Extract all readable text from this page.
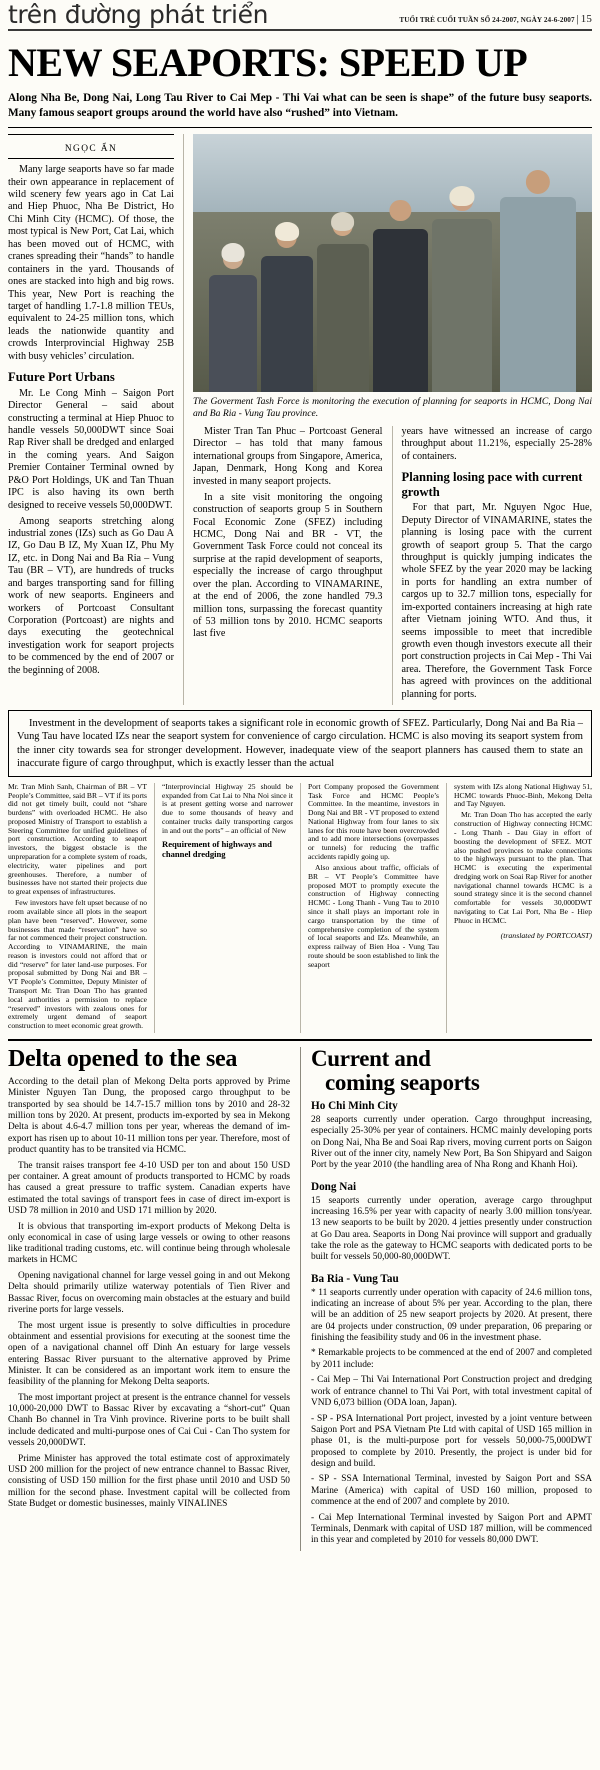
trên đường phát triển	TUỔI TRẺ CUỐI TUẦN SỐ 24-2007, NGÀY 24-6-2007 | 15
NEW SEAPORTS: SPEED UP
Along Nha Be, Dong Nai, Long Tau River to Cai Mep - Thi Vai what can be seen is shape” of the future busy seaports. Many famous seaport groups around the world have also “rushed” into Vietnam.
NGỌC ẨN

Many large seaports have so far made their own appearance in replacement of wild scenery few years ago in Cat Lai and Hiep Phuoc, Nha Be District, Ho Chi Minh City (HCMC). Of those, the most typical is New Port, Cat Lai, which has been moved out of HCMC, with cranes spreading their “hands” to handle containers in the yard. Thousands of ones are stacked into high and big rows. This year, New Port is reaching the target of handling 1.7-1.8 million TEUs, equivalent to 24-25 million tons, which leads the nationwide quantity and crowds Interprovincial Highway 25B with busy vehicles’ circulation.

Future Port Urbans

Mr. Le Cong Minh – Saigon Port Director General – said about constructing a terminal at Hiep Phuoc to handle vessels 50,000DWT since Soai Rap River shall be dredged and enlarged in the coming years. And Saigon Premier Container Terminal owned by P&O Port Holdings, UK and Tan Thuan IPC is also having its own berth designed to receive vessels 50,000DWT.

Among seaports stretching along industrial zones (IZs) such as Go Dau A IZ, Go Dau B IZ, My Xuan IZ, Phu My IZ, etc. in Dong Nai and Ba Ria – Vung Tau (BR – VT), are hundreds of trucks and barges transporting sand for filling work of new seaports. Engineers and workers of Portcoast Consultant Corporation (Portcoast) are nights and days executing the geotechnical investigation work for seaport projects to be commenced by the end of 2007 or the beginning of 2008.

The Goverment Tash Force is monitoring the execution of planning for seaports in HCMC, Dong Nai and Ba Ria - Vung Tau province.

Mister Tran Tan Phuc – Portcoast General Director – has told that many famous international groups from Singapore, America, Japan, Denmark, Hong Kong and Korea invested in many seaport projects.

In a site visit monitoring the ongoing construction of seaports group 5 in Southern Focal Economic Zone (SFEZ) including HCMC, Dong Nai and BR - VT, the Government Task Force could not conceal its surprise at the rapid development of seaports, especially the increase of cargo throughput over the plan. According to VINAMARINE, at the end of 2006, the zone handled 79.3 million tons, surpassing the forecast quantity of 53 million tons by 2010. HCMC seaports last five

years have witnessed an increase of cargo throughput about 11.21%, especially 25-28% of containers.

Planning losing pace with current growth

For that part, Mr. Nguyen Ngoc Hue, Deputy Director of VINAMARINE, states the planning is losing pace with the current growth of seaport group 5. That the cargo throughput is quickly jumping indicates the whole SFEZ by the year 2020 may be lacking in ports for handling an extra number of cargos up to 32.7 million tons, especially for im-exported containers increasing at high rate after Vietnam joining WTO. And thus, it seems impossible to meet that incredible growth even though investors execute all their port construction projects in Cai Mep - Thi Vai area. Therefore, the Government Task Force has agreed with provinces on the additional planning for ports.

Investment in the development of seaports takes a significant role in economic growth of SFEZ. Particularly, Dong Nai and Ba Ria – Vung Tau have located IZs near the seaport system for convenience of cargo circulation. HCMC is also moving its seaport system from the inner city towards sea for stronger development. However, inadequate view of the seaport planners has caused them to state an inaccurate figure of cargo throughput, which is exactly lesser than the actual

Mr. Tran Minh Sanh, Chairman of BR – VT People’s Committee, said BR – VT if its ports did not get timely built, could not “share burdens” with overloaded HCMC. He also proposed Ministry of Transport to establish a Steering Committee for unified guidelines of port construction. According to seaport investors, the biggest obstacle is the unpreparation for a complete system of roads, electricity, water pipelines and port greenhouses. Therefore, a number of businesses have not started their projects due to great expenses of infrastructures.

Few investors have felt upset because of no room available since all plots in the seaport plan have been “reserved”. However, some businesses that made “reservation” have so far not commenced their project construction. According to VINAMARINE, the main reason is investors could not afford that or did “reserve” for later land-use purposes. For proposal submitted by Dong Nai and BR – VT People’s Committee, Deputy Minister of Transport Mr. Tran Doan Tho has granted local authorities a permission to replace “reserved” investors with zealous ones for extremely urgent demand of seaport construction to meet economic great growth.

“Interprovincial Highway 25 should be expanded from Cat Lai to Nha Noi since it is at present getting worse and narrower due to some thousands of heavy and container trucks daily transporting cargos in and out the ports” – an official of New

Requirement of highways and channel dredging

Port Company proposed the Government Task Force and HCMC People’s Committee. In the meantime, investors in Dong Nai and BR - VT proposed to extend National Highway from four lanes to six lanes for this route have been overcrowded and to add more intersections (overpasses or tunnels) for reducing the traffic accidents rapidly going up.

Also anxious about traffic, officials of BR – VT People’s Committee have proposed MOT to promptly execute the construction of Highway connecting HCMC - Long Thanh - Vung Tau to 2010 since it shall plays an important role in cargo transportation by the time of comprehensive completion of the system of local seaports and IZs. Meanwhile, an express railway of Bien Hoa - Vung Tau route should be soon established to link the seaport

system with IZs along National Highway 51, HCMC towards Phuoc-Binh, Mekong Delta and Tay Nguyen.

Mr. Tran Doan Tho has accepted the early construction of Highway connecting HCMC - Long Thanh - Dau Giay in effort of boosting the development of SFEZ. MOT also pushed provinces to make connections to the highways pursuant to the plan. That HCMC is executing the experimental dredging work on Soai Rap River for another navigational channel towards HCMC is a sound strategy since it is the second channel comfortable for vessels 30,000DWT navigating to Cat Lai Port, Nha Be - Hiep Phuoc in HCMC.

(translated by PORTCOAST)
Delta opened to the sea

According to the detail plan of Mekong Delta ports approved by Prime Minister Nguyen Tan Dung, the proposed cargo throughput to be transported by sea should be 14.7-15.7 million tons by 2010 and 28-32 million tons by 2020. At present, products im-exported by sea in Mekong Delta is about 4.6-4.7 million tons per year, whereas the demand of im-export has risen up to about 10-11 million tons per year. Therefore, most of product quantity has to be transited via HCMC.

The transit raises transport fee 4-10 USD per ton and about 150 USD per container. A great amount of products transported to HCMC by roads has caused a great pressure to traffic system. Canadian experts have estimated the total savings of transport fees in case of direct im-export is USD 78 million in 2010 and USD 171 million by 2020.

It is obvious that transporting im-export products of Mekong Delta is only economical in case of using large vessels or owing to other reasons like traditional trading customs, etc. will continue being through wholesale markets in HCMC

Opening navigational channel for large vessel going in and out Mekong Delta should primarily utilize waterway potentials of Tien River and Bassac River, focus on overcoming main obstacles at the estuary and build riverine ports for large vessels.

The most urgent issue is presently to solve difficulties in procedure obtainment and essential provisions for executing at the soonest time the open of a navigational channel off Dinh An estuary for large vessels entering Bassac River pursuant to the alternative approved by Prime Minister. It can be considered as an important work item to ensure the feasibility of the planning for Mekong Delta seaports.

The most important project at present is the entrance channel for vessels 10,000-20,000 DWT to Bassac River by excavating a “short-cut” Quan Chanh Bo channel in Tra Vinh province. Riverine ports to be built shall include dedicated and multi-purpose ones of Cai Cui - Can Tho system for vessels 20,000DWT.

Prime Minister has approved the total estimate cost of approximately USD 200 million for the project of new entrance channel to Bassac River, consisting of USD 150 million for the first phase until 2010 and USD 50 million for the second phase. Investment capital will be collected from State Budget or domestic businesses, mainly VINALINES

Current and
coming seaports
Ho Chi Minh City

28 seaports currently under operation. Cargo throughput increasing, especially 25-30% per year of containers. HCMC mainly developing ports on Dong Nai, Nha Be and Soai Rap rivers, moving current ports on Saigon River out of the inner city, namely New Port, Ba Son Shipyard and Saigon Port by the year 2010 (the handling area of Nha Rong and Khanh Hoi).

Dong Nai

15 seaports currently under operation, average cargo throughput increasing 16.5% per year with capacity of nearly 3.00 million tons/year. 13 new seaports to be built by 2020. 4 jetties presently under construction at Go Dau area. Seaports in Dong Nai province will support and gradually take the role as the gateway to HCMC seaports with dedicated ports to be built for vessels 50,000-80,000DWT.

Ba Ria - Vung Tau

* 11 seaports currently under operation with capacity of 24.6 million tons, indicating an increase of about 5% per year. According to the plan, there will be an addition of 25 new seaport projects by 2020. At present, there are 04 projects under construction, 09 under preparation, 06 preparing or finishing the feasibility study and 06 in the investment phase.

* Remarkable projects to be commenced at the end of 2007 and completed by 2011 include:

- Cai Mep – Thi Vai International Port Construction project and dredging work of entrance channel to Thi Vai Port, with total investment capital of VND 6,073 billion (ODA loan, Japan).

- SP - PSA International Port project, invested by a joint venture between Saigon Port and PSA Vietnam Pte Ltd with capital of USD 165 million in phase 01, is the multi-purpose port for vessels 50,000-75,000DWT proposed to complete by 2010. Presently, the project is under bid for design and build.

- SP - SSA International Terminal, invested by Saigon Port and SSA Marine (America) with capital of USD 160 million, proposed to commence at the end of 2007 and complete by 2010.

- Cai Mep International Terminal invested by Saigon Port and APMT Terminals, Denmark with capital of USD 187 million, will be commenced in this year and completed by 2010 for vessels 80,000 DWT.
